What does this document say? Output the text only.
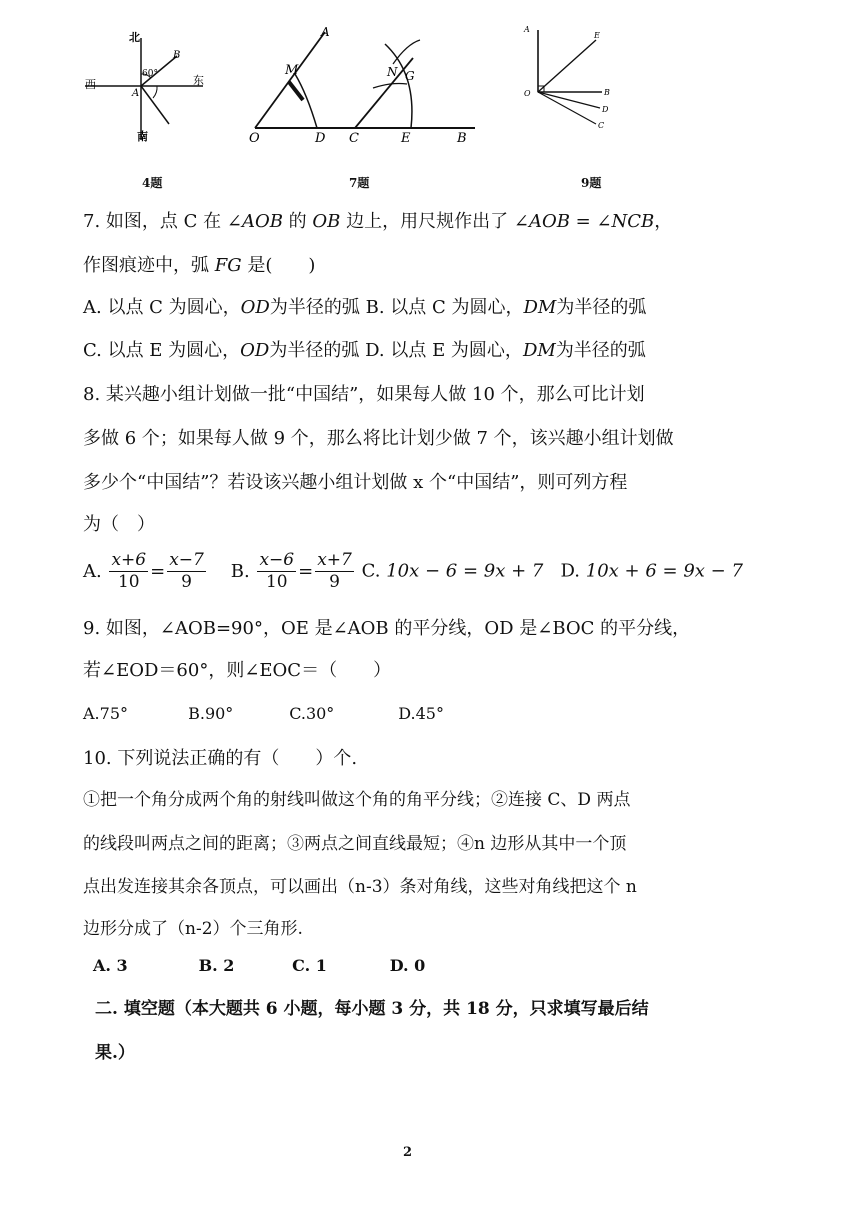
北
南
西	东
A
B
60°
4题
M
A
N G
O	D C	E	B
7题
A
E
O	B
D
C
9题
7. 如图，点 C 在 ∠AOB 的 OB 边上，用尺规作出了 ∠AOB = ∠NCB，
作图痕迹中，弧 FG 是(　　)
A. 以点 C 为圆心，OD为半径的弧 B. 以点 C 为圆心，DM为半径的弧
C. 以点 E 为圆心，OD为半径的弧 D. 以点 E 为圆心，DM为半径的弧
8. 某兴趣小组计划做一批“中国结”，如果每人做 10 个，那么可比计划
多做 6 个；如果每人做 9 个，那么将比计划少做 7 个，该兴趣小组计划做
多少个“中国结”？若设该兴趣小组计划做 x 个“中国结”，则可列方程
为（　）
A. $\frac{x+6}{10} = \frac{x-7}{9} B$. $\frac{x-6}{10} = \frac{x+7}{9} C$. 10x − 6 = 9x + 7 D. 10x + 6 = 9x − 7
9. 如图，∠AOB=90°，OE 是∠AOB 的平分线，OD 是∠BOC 的平分线，
若∠EOD＝60°，则∠EOC＝（　　）
A.75°	B.90°	C.30°	D.45°
10. 下列说法正确的有（　　）个.
①把一个角分成两个角的射线叫做这个角的角平分线；②连接 C、D 两点
的线段叫两点之间的距离；③两点之间直线最短；④n 边形从其中一个顶
点出发连接其余各顶点，可以画出（n-3）条对角线，这些对角线把这个 n
边形分成了（n-2）个三角形.
A. 3	B. 2	C. 1	D. 0
二. 填空题（本大题共 6 小题，每小题 3 分，共 18 分，只求填写最后结
果.）
2
